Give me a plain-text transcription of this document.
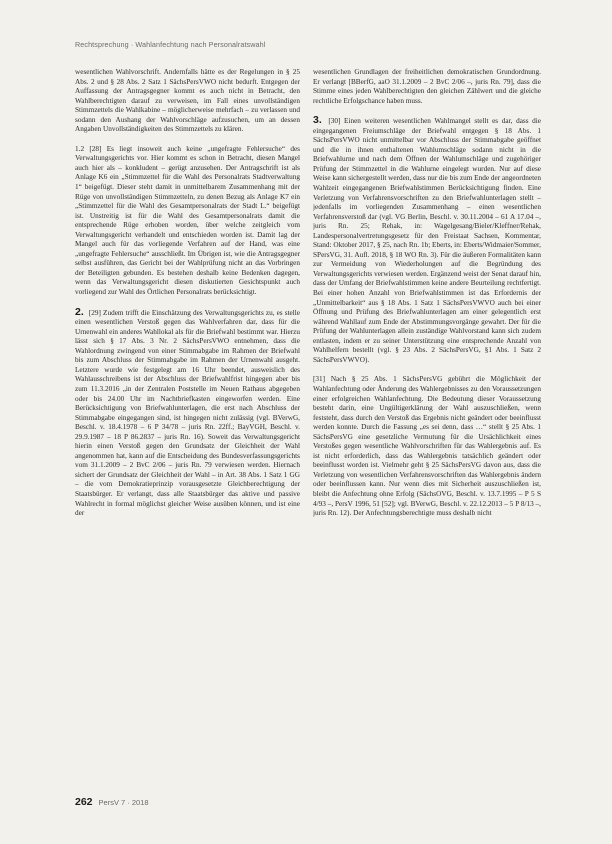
Rechtsprechung · Wahlanfechtung nach Personalratswahl

wesentlichen Wahlvorschrift. Andernfalls hätte es der Regelungen in § 25 Abs. 2 und § 28 Abs. 2 Satz 1 SächsPersVWO nicht bedurft. Entgegen der Auffassung der Antragsgegner kommt es auch nicht in Betracht, den Wahlberechtigten darauf zu verweisen, im Fall eines unvollständigen Stimmzettels die Wahlkabine – möglicherweise mehrfach – zu verlassen und sodann den Aushang der Wahlvorschläge aufzusuchen, um an dessen Angaben Unvollständigkeiten des Stimmzettels zu klären.

1.2 [28] Es liegt insoweit auch keine „ungefragte Fehlersuche“ des Verwaltungsgerichts vor. Hier kommt es schon in Betracht, diesen Mangel auch hier als – konkludent – gerügt anzusehen. Der Antragschrift ist als Anlage K6 ein „Stimmzettel für die Wahl des Personalrats Stadtverwaltung 1“ beigefügt. Dieser steht damit in unmittelbarem Zusammenhang mit der Rüge von unvollständigen Stimmzetteln, zu denen Bezug als Anlage K7 ein „Stimmzettel für die Wahl des Gesamtpersonalrats der Stadt L.“ beigefügt ist. Unstreitig ist für die Wahl des Gesamtpersonalrats damit die entsprechende Rüge erhoben worden, über welche zeitgleich vom Verwaltungsgericht verhandelt und entschieden worden ist. Damit lag der Mangel auch für das vorliegende Verfahren auf der Hand, was eine „ungefragte Fehlersuche“ ausschließt. Im Übrigen ist, wie die Antragsgegner selbst ausführen, das Gericht bei der Wahlprüfung nicht an das Vorbringen der Beteiligten gebunden. Es bestehen deshalb keine Bedenken dagegen, wenn das Verwaltungsgericht diesen diskutierten Gesichtspunkt auch vorliegend zur Wahl des Örtlichen Personalrats berücksichtigt.

2. [29] Zudem trifft die Einschätzung des Verwaltungsgerichts zu, es stelle einen wesentlichen Verstoß gegen das Wahlverfahren dar, dass für die Urnenwahl ein anderes Wahllokal als für die Briefwahl bestimmt war. Hierzu lässt sich § 17 Abs. 3 Nr. 2 SächsPersVWO entnehmen, dass die Wahlordnung zwingend von einer Stimmabgabe im Rahmen der Briefwahl bis zum Abschluss der Stimmabgabe im Rahmen der Urnenwahl ausgeht. Letztere wurde wie festgelegt am 16 Uhr beendet, ausweislich des Wahlausschreibens ist der Abschluss der Briefwahlfrist hingegen aber bis zum 11.3.2016 „in der Zentralen Poststelle im Neuen Rathaus abgegeben oder bis 24.00 Uhr im Nachtbriefkasten eingeworfen werden. Eine Berücksichtigung von Briefwahlunterlagen, die erst nach Abschluss der Stimmabgabe eingegangen sind, ist hingegen nicht zulässig (vgl. BVerwG, Beschl. v. 18.4.1978 – 6 P 34/78 – juris Rn. 22ff.; BayVGH, Beschl. v. 29.9.1987 – 18 P 86.2837 – juris Rn. 16). Soweit das Verwaltungsgericht hierin einen Verstoß gegen den Grundsatz der Gleichheit der Wahl angenommen hat, kann auf die Entscheidung des Bundesverfassungsgerichts vom 31.1.2009 – 2 BvC 2/06 – juris Rn. 79 verwiesen werden. Hiernach sichert der Grundsatz der Gleichheit der Wahl – in Art. 38 Abs. 1 Satz 1 GG – die vom Demokratieprinzip vorausgesetzte Gleichberechtigung der Staatsbürger. Er verlangt, dass alle Staatsbürger das aktive und passive Wahlrecht in formal möglichst gleicher Weise ausüben können, und ist eine der

wesentlichen Grundlagen der freiheitlichen demokratischen Grundordnung. Er verlangt [BBerfG, aaO 31.1.2009 – 2 BvC 2/06 –, juris Rn. 79], dass die Stimme eines jeden Wahlberechtigten den gleichen Zählwert und die gleiche rechtliche Erfolgschance haben muss.

3. [30] Einen weiteren wesentlichen Wahlmangel stellt es dar, dass die eingegangenen Freiumschläge der Briefwahl entgegen § 18 Abs. 1 SächsPersVWO nicht unmittelbar vor Abschluss der Stimmabgabe geöffnet und die in ihnen enthaltenen Wahlumschläge sodann nicht in die Briefwahlurne und nach dem Öffnen der Wahlumschläge und zugehöriger Prüfung der Stimmzettel in die Wahlurne eingelegt wurden. Nur auf diese Weise kann sichergestellt werden, dass nur die bis zum Ende der angeordneten Wahlzeit eingegangenen Briefwahlstimmen Berücksichtigung finden. Eine Verletzung von Verfahrensvorschriften zu den Briefwahlunterlagen stellt – jedenfalls im vorliegenden Zusammenhang – einen wesentlichen Verfahrensverstoß dar (vgl. VG Berlin, Beschl. v. 30.11.2004 – 61 A 17.04 –, juris Rn. 25; Rehak, in: Wagelgesang/Bieler/Kleffner/Rehak, Landespersonalvertretungsgesetz für den Freistaat Sachsen, Kommentar, Stand: Oktober 2017, § 25, nach Rn. 1b; Eberts, in: Eberts/Widmaier/Sommer, SPersVG, 31. Aufl. 2018, § 18 WO Rn. 3). Für die äußeren Formalitäten kann zur Vermeidung von Wiederholungen auf die Begründung des Verwaltungsgerichts verwiesen werden. Ergänzend weist der Senat darauf hin, dass der Umfang der Briefwahlstimmen keine andere Beurteilung rechtfertigt. Bei einer hohen Anzahl von Briefwahlstimmen ist das Erfordernis der „Unmittelbarkeit“ aus § 18 Abs. 1 Satz 1 SächsPersVWVO auch bei einer Öffnung und Prüfung des Briefwahlunterlagen am einer gelegentlich erst während Wahllauf zum Ende der Abstimmungsvorgänge gewahrt. Der für die Prüfung der Wahlunterlagen allein zuständige Wahlvorstand kann sich zudem entlasten, indem er zu seiner Unterstützung eine entsprechende Anzahl von Wahlhelfern bestellt (vgl. § 23 Abs. 2 SächsPersVG, §1 Abs. 1 Satz 2 SächsPersVWVO).

[31] Nach § 25 Abs. 1 SächsPersVG gebührt die Möglichkeit der Wahlanfechtung oder Änderung des Wahlergebnisses zu den Voraussetzungen einer erfolgreichen Wahlanfechtung. Die Bedeutung dieser Voraussetzung besteht darin, eine Ungültigerklärung der Wahl auszuschließen, wenn feststeht, dass durch den Verstoß das Ergebnis nicht geändert oder beeinflusst werden konnte. Durch die Fassung „es sei denn, dass …“ stellt § 25 Abs. 1 SächsPersVG eine gesetzliche Vermutung für die Ursächlichkeit eines Verstoßes gegen wesentliche Wahlvorschriften für das Wahlergebnis auf. Es ist nicht erforderlich, dass das Wahlergebnis tatsächlich geändert oder beeinflusst worden ist. Vielmehr geht § 25 SächsPersVG davon aus, dass die Verletzung von wesentlichen Verfahrensvorschriften das Wahlergebnis ändern oder beeinflussen kann. Nur wenn dies mit Sicherheit auszuschließen ist, bleibt die Anfechtung ohne Erfolg (SächsOVG, Beschl. v. 13.7.1995 – P 5 S 4/93 –, PersV 1996, 51 [52]; vgl. BVerwG, Beschl. v. 22.12.2013 – 5 P 8/13 –, juris Rn. 12). Der Anfechtungsberechtigte muss deshalb nicht

262 PersV 7 · 2018
